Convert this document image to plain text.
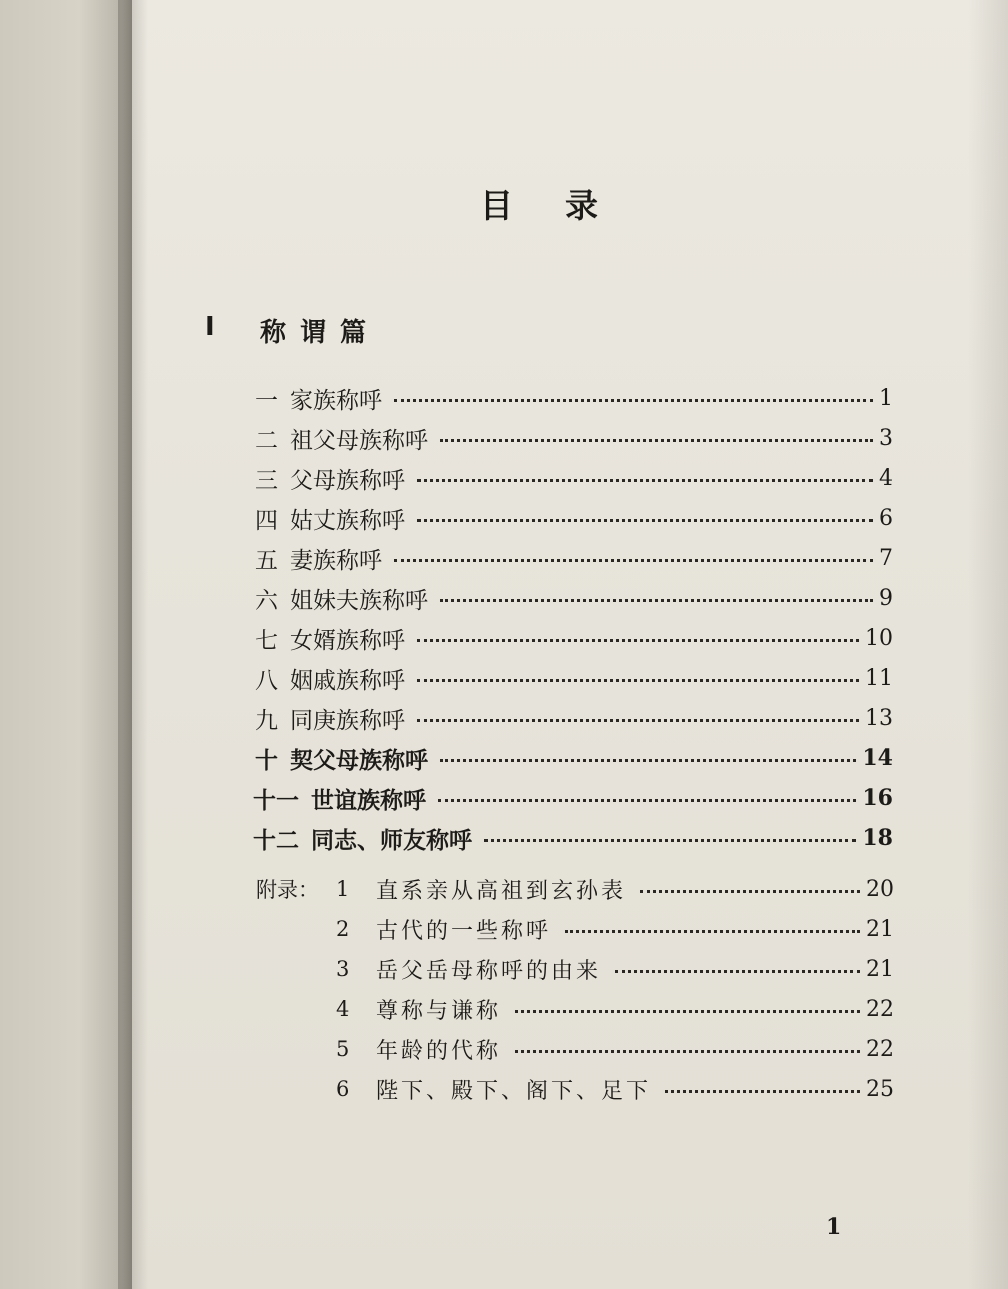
目录
I 称谓篇
一 家族称呼	1
二 祖父母族称呼	3
三 父母族称呼	4
四 姑丈族称呼	6
五 妻族称呼	7
六 姐妹夫族称呼	9
七 女婿族称呼	10
八 姻戚族称呼	11
九 同庚族称呼	13
十 契父母族称呼	14
十一 世谊族称呼	16
十二 同志、师友称呼	18
附录： 1	直系亲从高祖到玄孙表	20
2	古代的一些称呼	21
3	岳父岳母称呼的由来	21
4	尊称与谦称	22
5	年龄的代称	22
6	陛下、殿下、阁下、足下	25
1
